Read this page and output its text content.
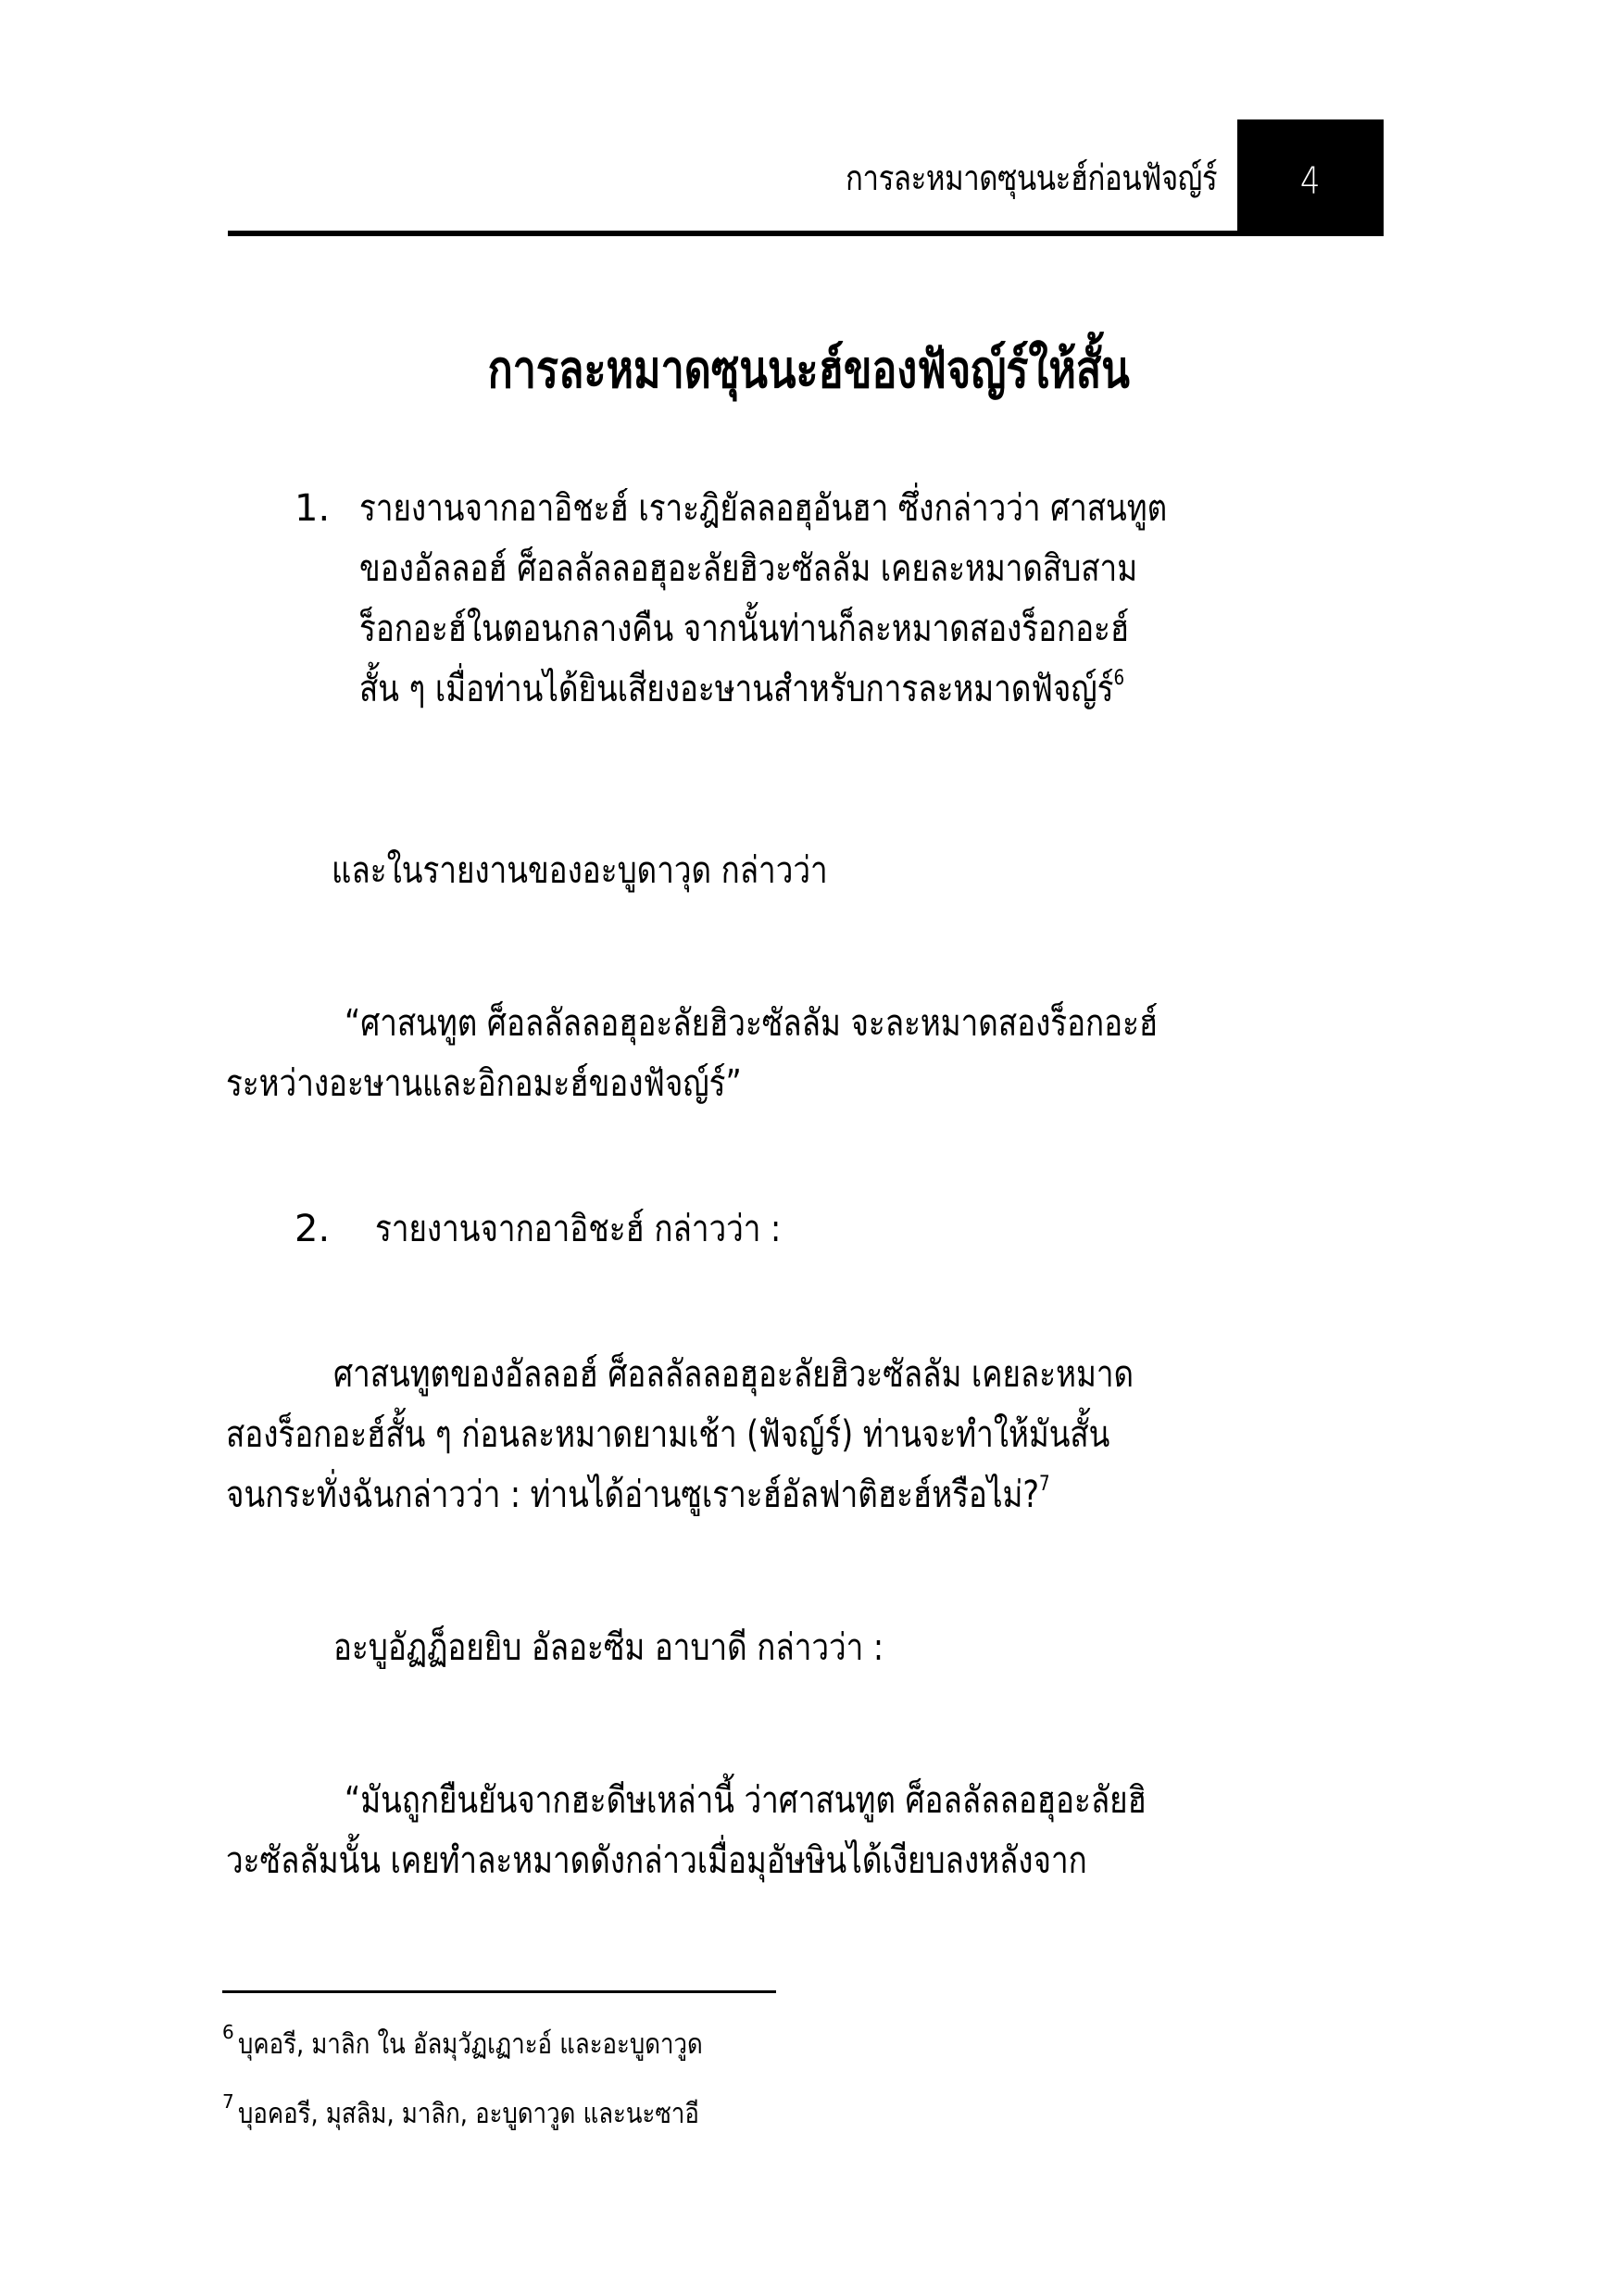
การละหมาดซุนนะฮ์ก่อนฟัจญ์ร์ 4
การละหมาดซุนนะฮ์ของฟัจญ์ร์ให้สั้น
1. รายงานจากอาอิชะฮ์ เราะฎิยัลลอฮุอันฮา ซึ่งกล่าวว่า ศาสนทูต
ของอัลลอฮ์ ศ็อลลัลลอฮุอะลัยฮิวะซัลลัม เคยละหมาดสิบสาม
ร็อกอะฮ์ในตอนกลางคืน จากนั้นท่านก็ละหมาดสองร็อกอะฮ์
สั้น ๆ เมื่อท่านได้ยินเสียงอะษานสำหรับการละหมาดฟัจญ์ร์$^6$
และในรายงานของอะบูดาวุด กล่าวว่า
“ศาสนทูต ศ็อลลัลลอฮุอะลัยฮิวะซัลลัม จะละหมาดสองร็อกอะฮ์
ระหว่างอะษานและอิกอมะฮ์ของฟัจญ์ร์”
2. รายงานจากอาอิชะฮ์ กล่าวว่า :
ศาสนทูตของอัลลอฮ์ ศ็อลลัลลอฮุอะลัยฮิวะซัลลัม เคยละหมาด
สองร็อกอะฮ์สั้น ๆ ก่อนละหมาดยามเช้า (ฟัจญ์ร์) ท่านจะทำให้มันสั้น
จนกระทั่งฉันกล่าวว่า : ท่านได้อ่านซูเราะฮ์อัลฟาติฮะฮ์หรือไม่?$^7$
อะบูอัฏฏ็อยยิบ อัลอะซีม อาบาดี กล่าวว่า :
“มันถูกยืนยันจากฮะดีษเหล่านี้ ว่าศาสนทูต ศ็อลลัลลอฮุอะลัยฮิ
วะซัลลัมนั้น เคยทำละหมาดดังกล่าวเมื่อมุอัษษินได้เงียบลงหลังจาก
$^6$ บุคอรี, มาลิก ใน อัลมุวัฏเฏาะอ์ และอะบูดาวูด
$^7$ บุอคอรี, มุสลิม, มาลิก, อะบูดาวูด และนะซาอี
